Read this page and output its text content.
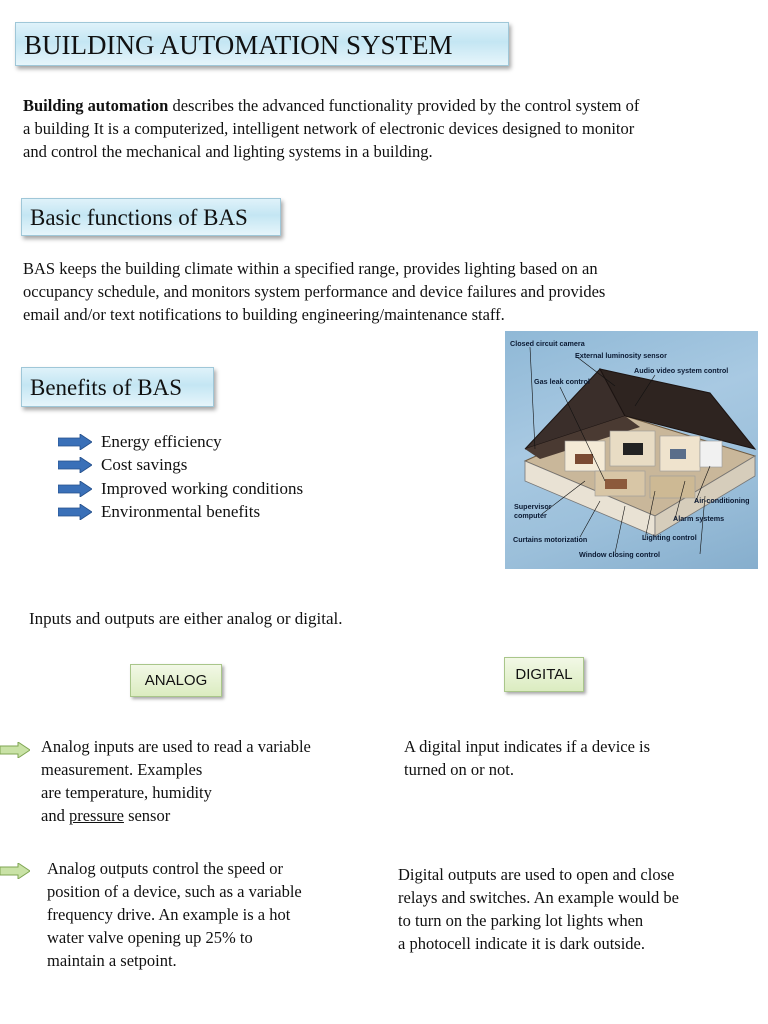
BUILDING AUTOMATION SYSTEM
Building automation describes the advanced functionality provided by the control system of
a building It is a computerized, intelligent network of electronic devices designed to monitor
and control the mechanical and lighting systems in a building.
Basic functions of BAS
BAS keeps the building climate within a specified range, provides lighting based on an
occupancy schedule, and monitors system performance and device failures and provides
email and/or text notifications to building engineering/maintenance staff.
Benefits of BAS
Energy efficiency
Cost savings
Improved working conditions
Environmental benefits
Closed circuit camera
External luminosity sensor
Audio video system control
Gas leak control
Supervisor
computer
Air-conditioning
Alarm systems
Curtains motorization	Lighting control
Window closing control
Inputs and outputs are either analog or digital.
ANALOG	DIGITAL
Analog inputs are used to read a variable
measurement. Examples
are temperature, humidity
and pressure sensor
Analog outputs control the speed or
position of a device, such as a variable
frequency drive. An example is a hot
water valve opening up 25% to
maintain a setpoint.
A digital input indicates if a device is
turned on or not.
Digital outputs are used to open and close
relays and switches. An example would be
to turn on the parking lot lights when
a photocell indicate it is dark outside.
